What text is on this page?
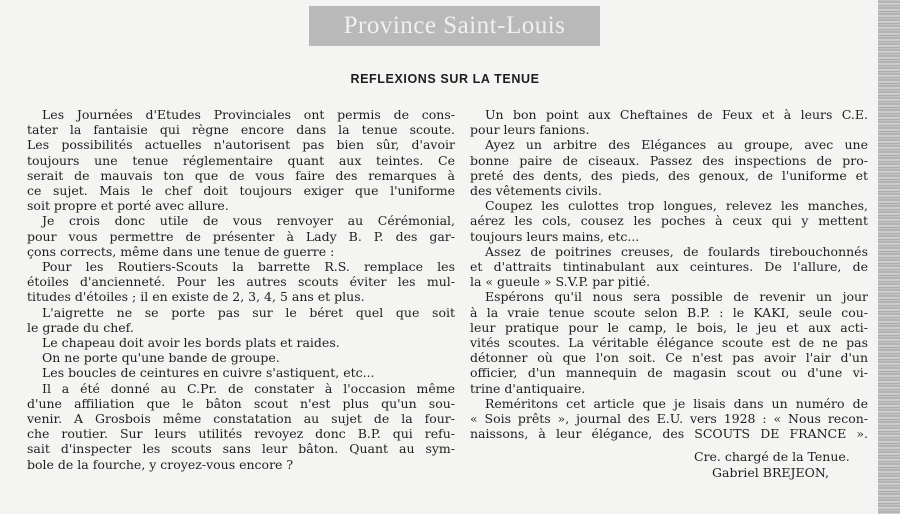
Province Saint-Louis
REFLEXIONS SUR LA TENUE
Les Journées d'Etudes Provinciales ont permis de cons-
tater la fantaisie qui règne encore dans la tenue scoute.
Les possibilités actuelles n'autorisent pas bien sûr, d'avoir
toujours une tenue réglementaire quant aux teintes. Ce
serait de mauvais ton que de vous faire des remarques à
ce sujet. Mais le chef doit toujours exiger que l'uniforme
soit propre et porté avec allure.
Je crois donc utile de vous renvoyer au Cérémonial,
pour vous permettre de présenter à Lady B. P. des gar-
çons corrects, même dans une tenue de guerre :
Pour les Routiers-Scouts la barrette R.S. remplace les
étoiles d'ancienneté. Pour les autres scouts éviter les mul-
titudes d'étoiles ; il en existe de 2, 3, 4, 5 ans et plus.
L'aigrette ne se porte pas sur le béret quel que soit
le grade du chef.
Le chapeau doit avoir les bords plats et raides.
On ne porte qu'une bande de groupe.
Les boucles de ceintures en cuivre s'astiquent, etc...
Il a été donné au C.Pr. de constater à l'occasion même
d'une affiliation que le bâton scout n'est plus qu'un sou-
venir. A Grosbois même constatation au sujet de la four-
che routier. Sur leurs utilités revoyez donc B.P. qui refu-
sait d'inspecter les scouts sans leur bâton. Quant au sym-
bole de la fourche, y croyez-vous encore ?
Un bon point aux Cheftaines de Feux et à leurs C.E.
pour leurs fanions.
Ayez un arbitre des Elégances au groupe, avec une
bonne paire de ciseaux. Passez des inspections de pro-
preté des dents, des pieds, des genoux, de l'uniforme et
des vêtements civils.
Coupez les culottes trop longues, relevez les manches,
aérez les cols, cousez les poches à ceux qui y mettent
toujours leurs mains, etc...
Assez de poitrines creuses, de foulards tirebouchonnés
et d'attraits tintinabulant aux ceintures. De l'allure, de
la « gueule » S.V.P. par pitié.
Espérons qu'il nous sera possible de revenir un jour
à la vraie tenue scoute selon B.P. : le KAKI, seule cou-
leur pratique pour le camp, le bois, le jeu et aux acti-
vités scoutes. La véritable élégance scoute est de ne pas
détonner où que l'on soit. Ce n'est pas avoir l'air d'un
officier, d'un mannequin de magasin scout ou d'une vi-
trine d'antiquaire.
Reméritons cet article que je lisais dans un numéro de
« Sois prêts », journal des E.U. vers 1928 : « Nous recon-
naissons, à leur élégance, des SCOUTS DE FRANCE ».
Cre. chargé de la Tenue.
Gabriel BREJEON,
